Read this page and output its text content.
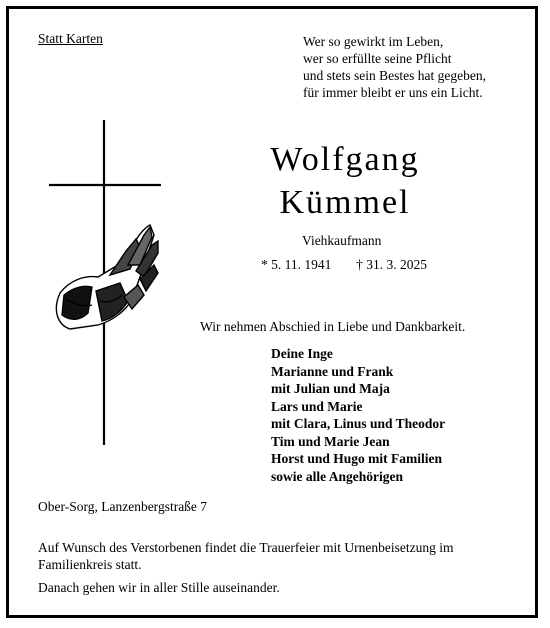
Statt Karten	Wer so gewirkt im Leben,
wer so erfüllte seine Pflicht
und stets sein Bestes hat gegeben,
für immer bleibt er uns ein Licht.
Wolfgang
Kümmel
Viehkaufmann
* 5. 11. 1941 † 31. 3. 2025
Wir nehmen Abschied in Liebe und Dankbarkeit.
Deine Inge
Marianne und Frank
mit Julian und Maja
Lars und Marie
mit Clara, Linus und Theodor
Tim und Marie Jean
Horst und Hugo mit Familien
sowie alle Angehörigen
Ober-Sorg, Lanzenbergstraße 7
Auf Wunsch des Verstorbenen findet die Trauerfeier mit Urnenbeisetzung im Familienkreis statt.
Danach gehen wir in aller Stille auseinander.
